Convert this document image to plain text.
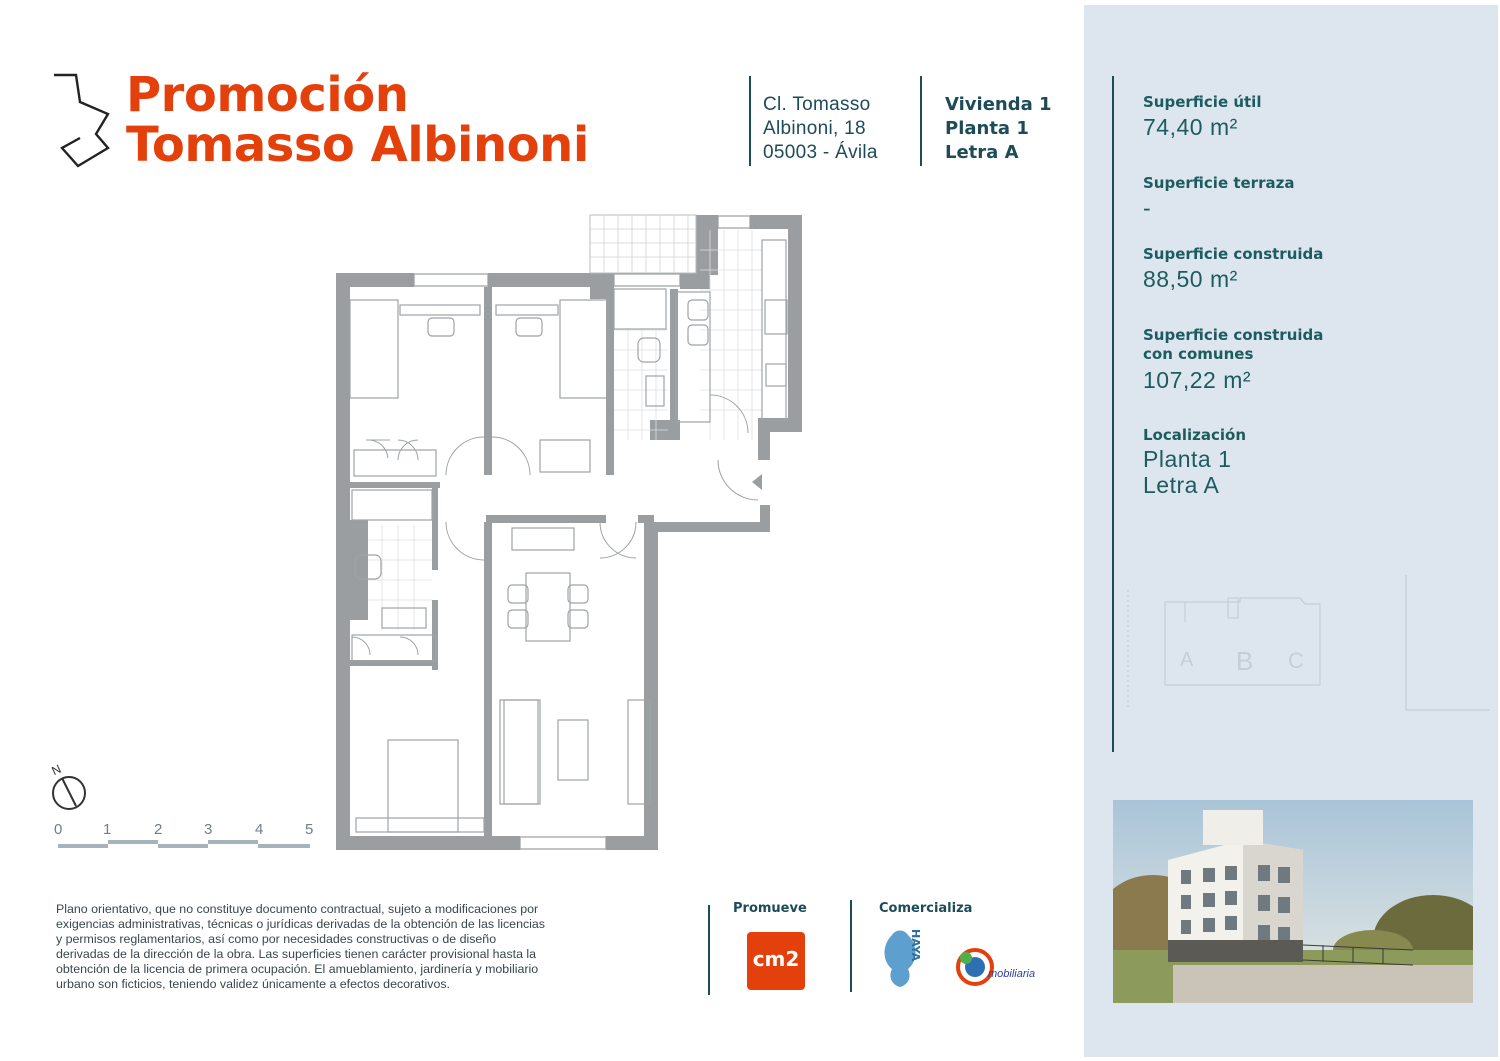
Promoción
Tomasso Albinoni
Cl. Tomasso
Albinoni, 18
05003 - Ávila
Vivienda 1
Planta 1
Letra A
Superficie útil
74,40 m²
Superficie terraza
-
Superficie construida
88,50 m²
Superficie construida
con comunes
107,22 m²
Localización
Planta 1
Letra A
A B C
N
0	1	2	3	4	5
Plano orientativo, que no constituye documento contractual, sujeto a modificaciones por
exigencias administrativas, técnicas o jurídicas derivadas de la obtención de las licencias
y permisos reglamentarios, así como por necesidades constructivas o de diseño
derivadas de la dirección de la obra. Las superficies tienen carácter provisional hasta la
obtención de la licencia de primera ocupación. El amueblamiento, jardinería y mobiliario
urbano son ficticios, teniendo validez únicamente a efectos decorativos.
Promueve
cm2
Comercializa
HAYA
mobiliaria
